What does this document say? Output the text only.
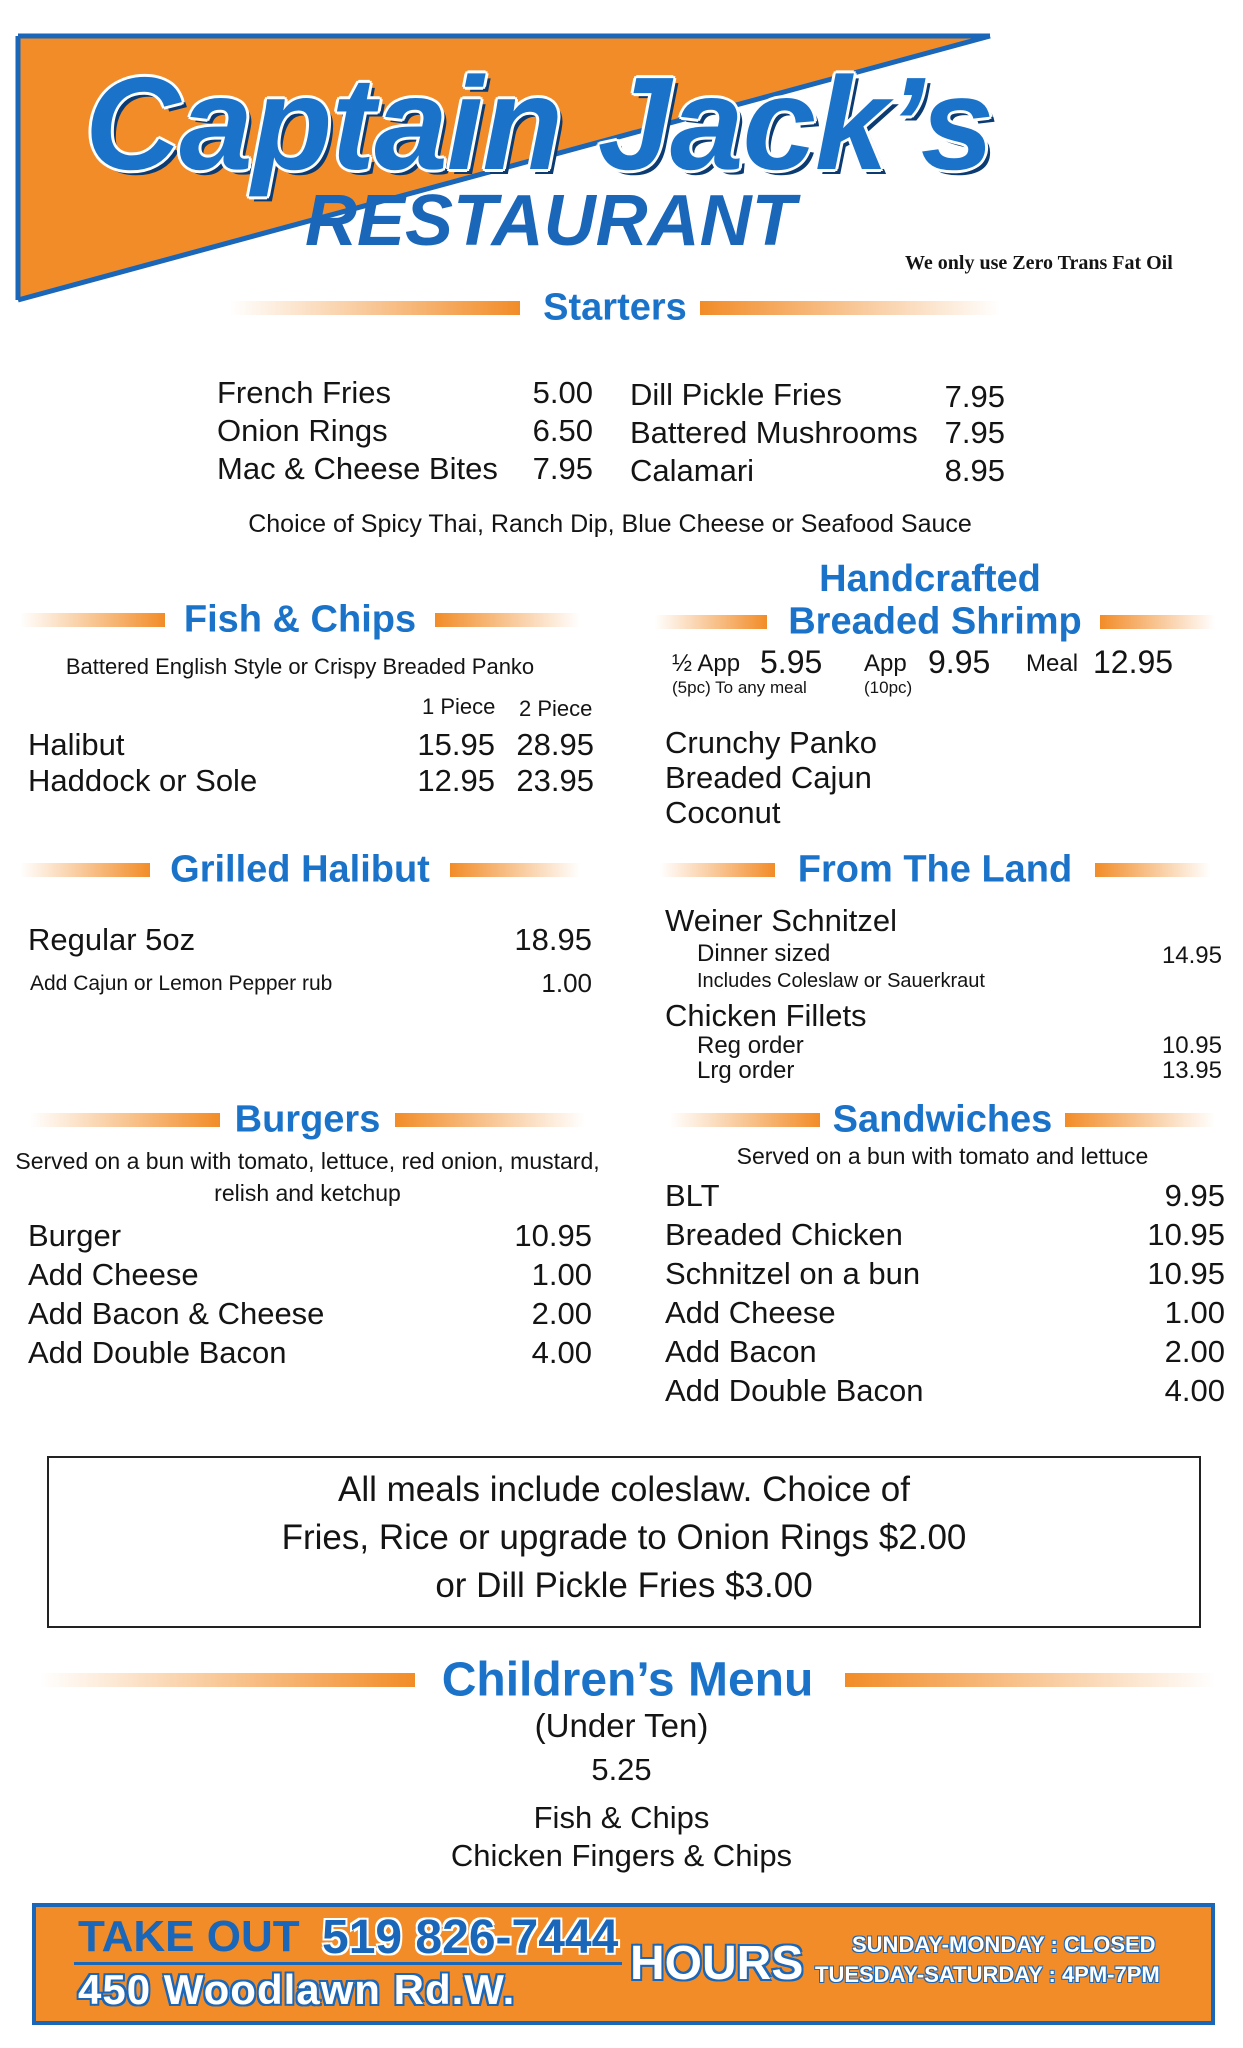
Captain Jack’s
RESTAURANT
We only use Zero Trans Fat Oil
Starters
French Fries	5.00
Onion Rings	6.50
Mac & Cheese Bites	7.95
Dill Pickle Fries	7.95
Battered Mushrooms 7.95
Calamari	8.95
Choice of Spicy Thai, Ranch Dip, Blue Cheese or Seafood Sauce
Fish & Chips
Battered English Style or Crispy Breaded Panko
1 Piece 2 Piece
Halibut	15.95 28.95
Haddock or Sole	12.95 23.95
Handcrafted
Breaded Shrimp
½ App 5.95
(5pc) To any meal
App 9.95
(10pc)
Meal 12.95
Crunchy Panko
Breaded Cajun
Coconut
Grilled Halibut
Regular 5oz	18.95
Add Cajun or Lemon Pepper rub	1.00
From The Land
Weiner Schnitzel
Dinner sized	14.95
Includes Coleslaw or Sauerkraut
Chicken Fillets
Reg order	10.95
Lrg order	13.95
Burgers
Served on a bun with tomato, lettuce, red onion, mustard,
relish and ketchup
Burger	10.95
Add Cheese	1.00
Add Bacon & Cheese	2.00
Add Double Bacon	4.00
Sandwiches
Served on a bun with tomato and lettuce
BLT	9.95
Breaded Chicken	10.95
Schnitzel on a bun	10.95
Add Cheese	1.00
Add Bacon	2.00
Add Double Bacon	4.00
All meals include coleslaw. Choice of
Fries, Rice or upgrade to Onion Rings $2.00
or Dill Pickle Fries $3.00
Children’s Menu
(Under Ten)
5.25
Fish & Chips
Chicken Fingers & Chips
TAKE OUT 519 826-7444
450 Woodlawn Rd.W. HOURS SUNDAY-MONDAY : CLOSED
TUESDAY-SATURDAY : 4PM-7PM
